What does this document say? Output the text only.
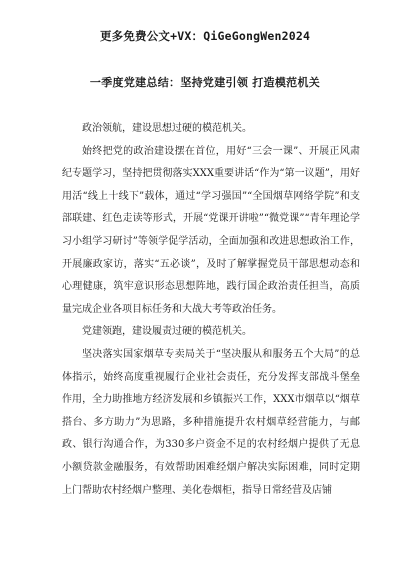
更多免费公文+VX：QiGeGongWen2024
一季度党建总结：坚持党建引领 打造模范机关

政治领航，建设思想过硬的模范机关。

始终把党的政治建设摆在首位，用好“三会一课”、开展正风肃纪专题学习，坚持把贯彻落实XXX重要讲话“作为“第一议题”，用好用活“线上十线下”载体，通过“学习强国”“全国烟草网络学院”和支部联建、红色走读等形式，开展“党课开讲啦”“微党课”“青年理论学习小组学习研讨”等领学促学活动，全面加强和改进思想政治工作，开展廉政家访，落实“五必谈”，及时了解掌握党员干部思想动态和心理健康，筑牢意识形态思想阵地，践行国企政治责任担当，高质量完成企业各项目标任务和大战大考等政治任务。

党建领跑，建设履责过硬的模范机关。

坚决落实国家烟草专卖局关于“坚决服从和服务五个大局”的总体指示，始终高度重视履行企业社会责任，充分发挥支部战斗堡垒作用，全力助推地方经济发展和乡镇振兴工作，XXX市烟草以“烟草搭台、多方助力”为思路，多种措施提升农村烟草经营能力，与邮政、银行沟通合作，为330多户资金不足的农村经烟户提供了无息小额贷款金融服务，有效帮助困难经烟户解决实际困难，同时定期上门帮助农村经烟户整理、美化卷烟柜，指导日常经营及店铺
